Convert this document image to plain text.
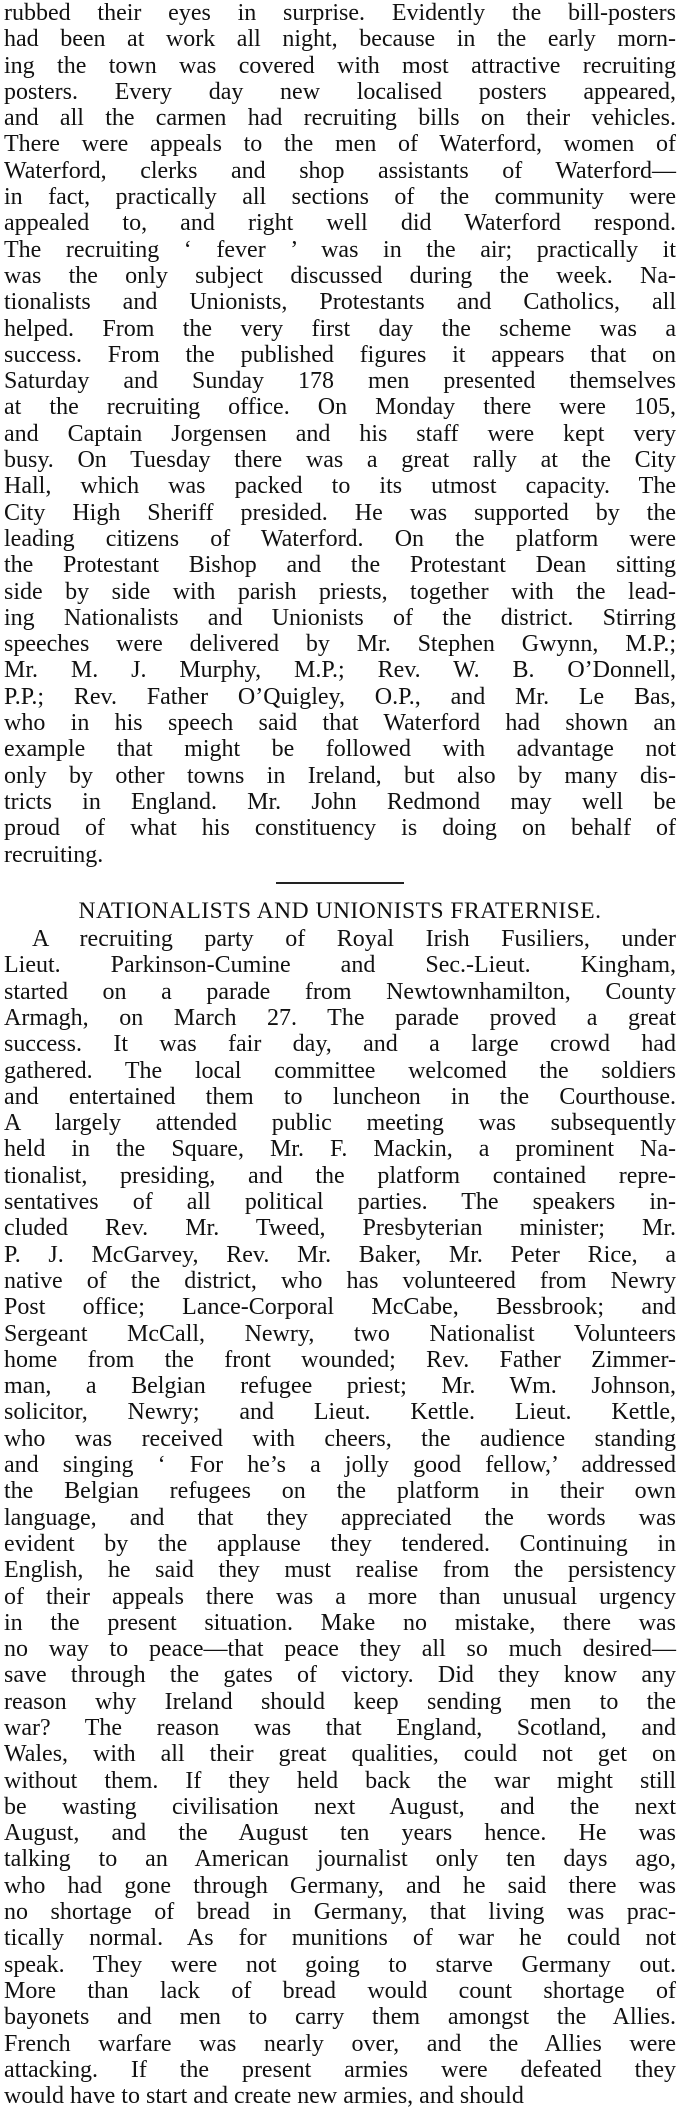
rubbed their eyes in surprise. Evidently the bill-posters
had been at work all night, because in the early morn-
ing the town was covered with most attractive recruiting
posters. Every day new localised posters appeared,
and all the carmen had recruiting bills on their vehicles.
There were appeals to the men of Waterford, women of
Waterford, clerks and shop assistants of Waterford—
in fact, practically all sections of the community were
appealed to, and right well did Waterford respond.
The recruiting ‘ fever ’ was in the air; practically it
was the only subject discussed during the week. Na-
tionalists and Unionists, Protestants and Catholics, all
helped. From the very first day the scheme was a
success. From the published figures it appears that on
Saturday and Sunday 178 men presented themselves
at the recruiting office. On Monday there were 105,
and Captain Jorgensen and his staff were kept very
busy. On Tuesday there was a great rally at the City
Hall, which was packed to its utmost capacity. The
City High Sheriff presided. He was supported by the
leading citizens of Waterford. On the platform were
the Protestant Bishop and the Protestant Dean sitting
side by side with parish priests, together with the lead-
ing Nationalists and Unionists of the district. Stirring
speeches were delivered by Mr. Stephen Gwynn, M.P.;
Mr. M. J. Murphy, M.P.; Rev. W. B. O’Donnell,
P.P.; Rev. Father O’Quigley, O.P., and Mr. Le Bas,
who in his speech said that Waterford had shown an
example that might be followed with advantage not
only by other towns in Ireland, but also by many dis-
tricts in England. Mr. John Redmond may well be
proud of what his constituency is doing on behalf of
recruiting.
NATIONALISTS AND UNIONISTS FRATERNISE.
A recruiting party of Royal Irish Fusiliers, under
Lieut. Parkinson-Cumine and Sec.-Lieut. Kingham,
started on a parade from Newtownhamilton, County
Armagh, on March 27. The parade proved a great
success. It was fair day, and a large crowd had
gathered. The local committee welcomed the soldiers
and entertained them to luncheon in the Courthouse.
A largely attended public meeting was subsequently
held in the Square, Mr. F. Mackin, a prominent Na-
tionalist, presiding, and the platform contained repre-
sentatives of all political parties. The speakers in-
cluded Rev. Mr. Tweed, Presbyterian minister; Mr.
P. J. McGarvey, Rev. Mr. Baker, Mr. Peter Rice, a
native of the district, who has volunteered from Newry
Post office; Lance-Corporal McCabe, Bessbrook; and
Sergeant McCall, Newry, two Nationalist Volunteers
home from the front wounded; Rev. Father Zimmer-
man, a Belgian refugee priest; Mr. Wm. Johnson,
solicitor, Newry; and Lieut. Kettle. Lieut. Kettle,
who was received with cheers, the audience standing
and singing ‘ For he’s a jolly good fellow,’ addressed
the Belgian refugees on the platform in their own
language, and that they appreciated the words was
evident by the applause they tendered. Continuing in
English, he said they must realise from the persistency
of their appeals there was a more than unusual urgency
in the present situation. Make no mistake, there was
no way to peace—that peace they all so much desired—
save through the gates of victory. Did they know any
reason why Ireland should keep sending men to the
war? The reason was that England, Scotland, and
Wales, with all their great qualities, could not get on
without them. If they held back the war might still
be wasting civilisation next August, and the next
August, and the August ten years hence. He was
talking to an American journalist only ten days ago,
who had gone through Germany, and he said there was
no shortage of bread in Germany, that living was prac-
tically normal. As for munitions of war he could not
speak. They were not going to starve Germany out.
More than lack of bread would count shortage of
bayonets and men to carry them amongst the Allies.
French warfare was nearly over, and the Allies were
attacking. If the present armies were defeated they
would have to start and create new armies, and should
